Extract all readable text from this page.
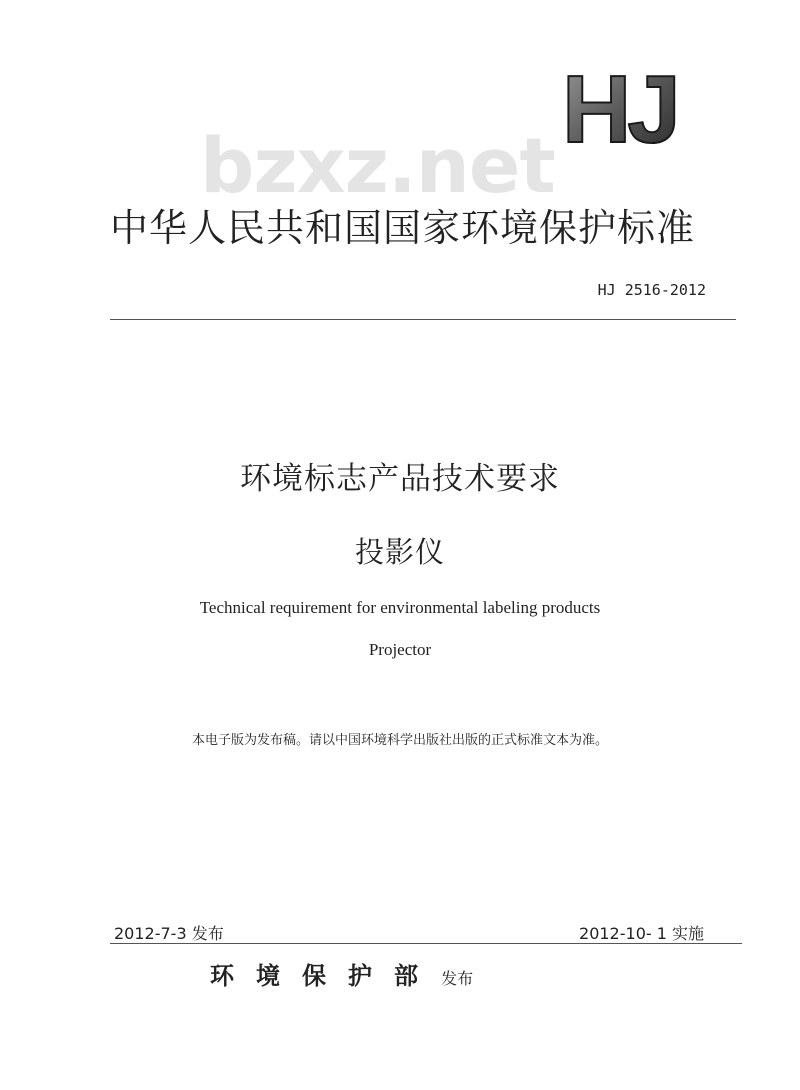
HJ
bzxz.net
中华人民共和国国家环境保护标准
HJ 2516-2012
环境标志产品技术要求
投影仪
Technical requirement for environmental labeling products
Projector
本电子版为发布稿。请以中国环境科学出版社出版的正式标准文本为准。
2012-7-3 发布	2012-10- 1 实施
环境保护部 发布
